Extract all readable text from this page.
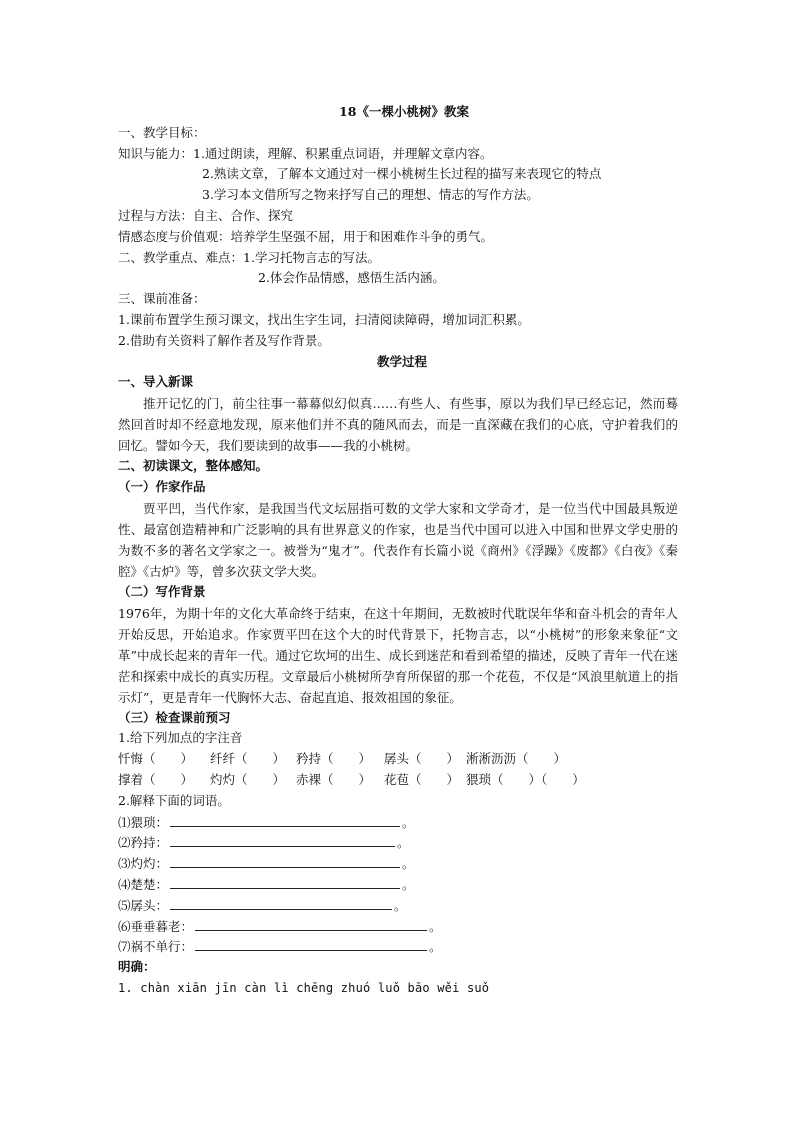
18《一棵小桃树》教案
一、教学目标：
知识与能力：1.通过朗读，理解、积累重点词语，并理解文章内容。
2.熟读文章，了解本文通过对一棵小桃树生长过程的描写来表现它的特点
3.学习本文借所写之物来抒写自己的理想、情志的写作方法。
过程与方法：自主、合作、探究
情感态度与价值观：培养学生坚强不屈，用于和困难作斗争的勇气。
二、教学重点、难点：1.学习托物言志的写法。
2.体会作品情感，感悟生活内涵。
三、课前准备：
1.课前布置学生预习课文，找出生字生词，扫清阅读障碍，增加词汇积累。
2.借助有关资料了解作者及写作背景。
教学过程
一、导入新课
推开记忆的门，前尘往事一幕幕似幻似真……有些人、有些事，原以为我们早已经忘记，然而蓦然回首时却不经意地发现，原来他们并不真的随风而去，而是一直深藏在我们的心底，守护着我们的回忆。譬如今天，我们要读到的故事——我的小桃树。
二、初读课文，整体感知。
（一）作家作品
贾平凹，当代作家，是我国当代文坛屈指可数的文学大家和文学奇才，是一位当代中国最具叛逆性、最富创造精神和广泛影响的具有世界意义的作家，也是当代中国可以进入中国和世界文学史册的为数不多的著名文学家之一。被誉为“鬼才”。代表作有长篇小说《商州》《浮躁》《废都》《白夜》《秦腔》《古炉》等，曾多次获文学大奖。
（二）写作背景
1976年，为期十年的文化大革命终于结束，在这十年期间，无数被时代耽误年华和奋斗机会的青年人开始反思，开始追求。作家贾平凹在这个大的时代背景下，托物言志，以“小桃树”的形象来象征“文革”中成长起来的青年一代。通过它坎坷的出生、成长到迷茫和看到希望的描述，反映了青年一代在迷茫和探索中成长的真实历程。文章最后小桃树所孕育所保留的那一个花苞，不仅是“风浪里航道上的指示灯”，更是青年一代胸怀大志、奋起直追、报效祖国的象征。
（三）检查课前预习
1.给下列加点的字注音
忏悔（　　） 纤纤（　　） 矜持（　　） 孱头（　　） 淅淅沥沥（　　）
撑着（　　） 灼灼（　　） 赤裸（　　） 花苞（　　） 猥琐（　　）（　　）
2.解释下面的词语。
⑴猥琐：	。
⑵矜持：	。
⑶灼灼：	。
⑷楚楚：	。
⑸孱头：	。
⑹垂垂暮老：	。
⑺祸不单行：	。
明确：
1. chàn xiān jīn càn lì chēng zhuó luǒ bāo wěi suǒ
